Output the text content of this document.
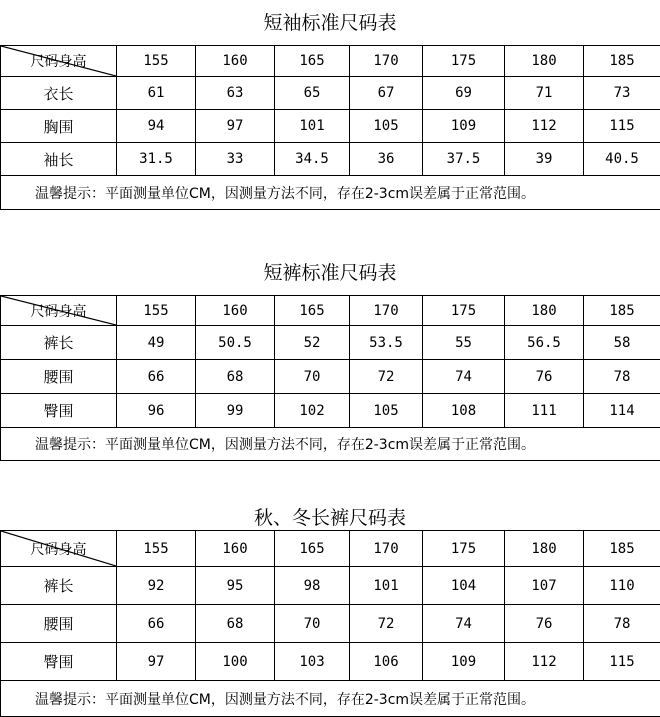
短袖标准尺码表
尺码身高	155	160	165	170	175	180	185
衣长	61	63	65	67	69	71	73
胸围	94	97	101	105	109	112	115
袖长	31.5	33	34.5	36	37.5	39	40.5
温馨提示：平面测量单位CM，因测量方法不同，存在2-3cm误差属于正常范围。							
短裤标准尺码表
尺码身高	155	160	165	170	175	180	185
裤长	49	50.5	52	53.5	55	56.5	58
腰围	66	68	70	72	74	76	78
臀围	96	99	102	105	108	111	114
温馨提示：平面测量单位CM，因测量方法不同，存在2-3cm误差属于正常范围。							
秋、冬长裤尺码表
尺码身高	155	160	165	170	175	180	185
裤长	92	95	98	101	104	107	110
腰围	66	68	70	72	74	76	78
臀围	97	100	103	106	109	112	115
温馨提示：平面测量单位CM，因测量方法不同，存在2-3cm误差属于正常范围。							
